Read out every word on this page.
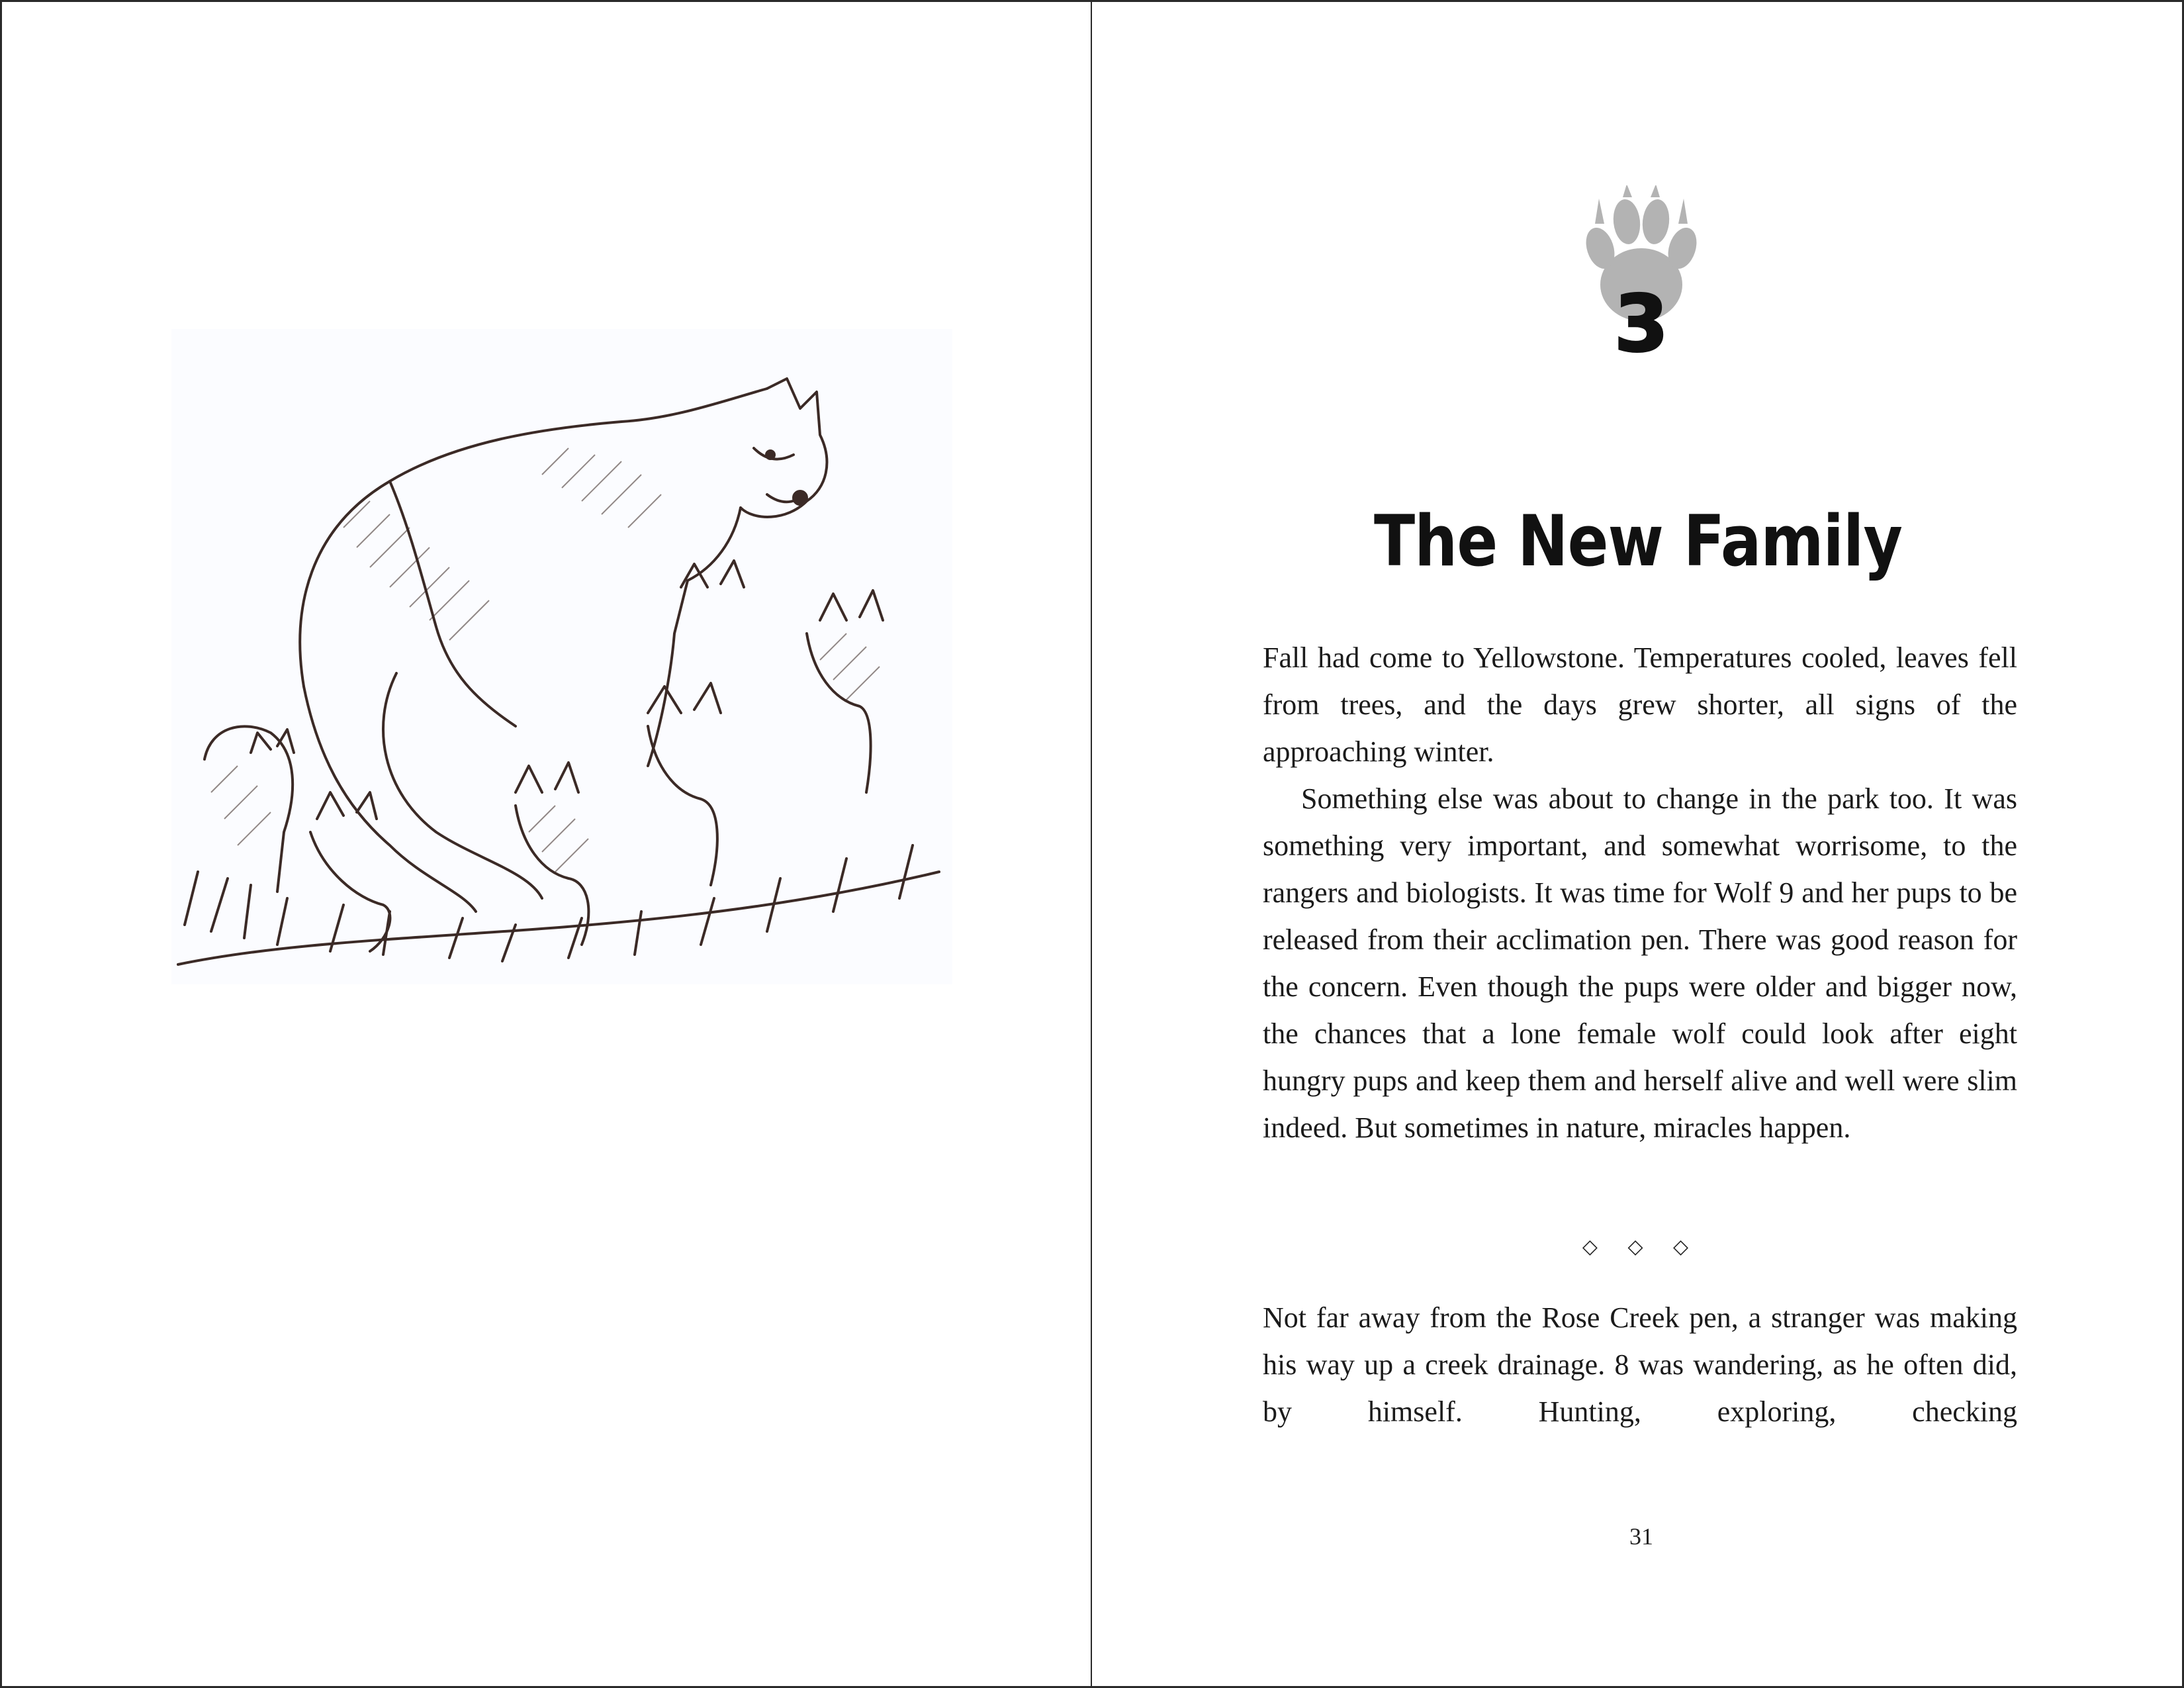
3
The New Family

Fall had come to Yellowstone. Temperatures cooled, leaves fell from trees, and the days grew shorter, all signs of the approaching winter.

Something else was about to change in the park too. It was something very important, and somewhat worrisome, to the rangers and biologists. It was time for Wolf 9 and her pups to be released from their acclimation pen. There was good reason for the concern. Even though the pups were older and bigger now, the chances that a lone female wolf could look after eight hungry pups and keep them and herself alive and well were slim indeed. But sometimes in nature, miracles happen.

◇ ◇ ◇

Not far away from the Rose Creek pen, a stranger was making his way up a creek drainage. 8 was wandering, as he often did, by himself. Hunting, exploring, checking

31
